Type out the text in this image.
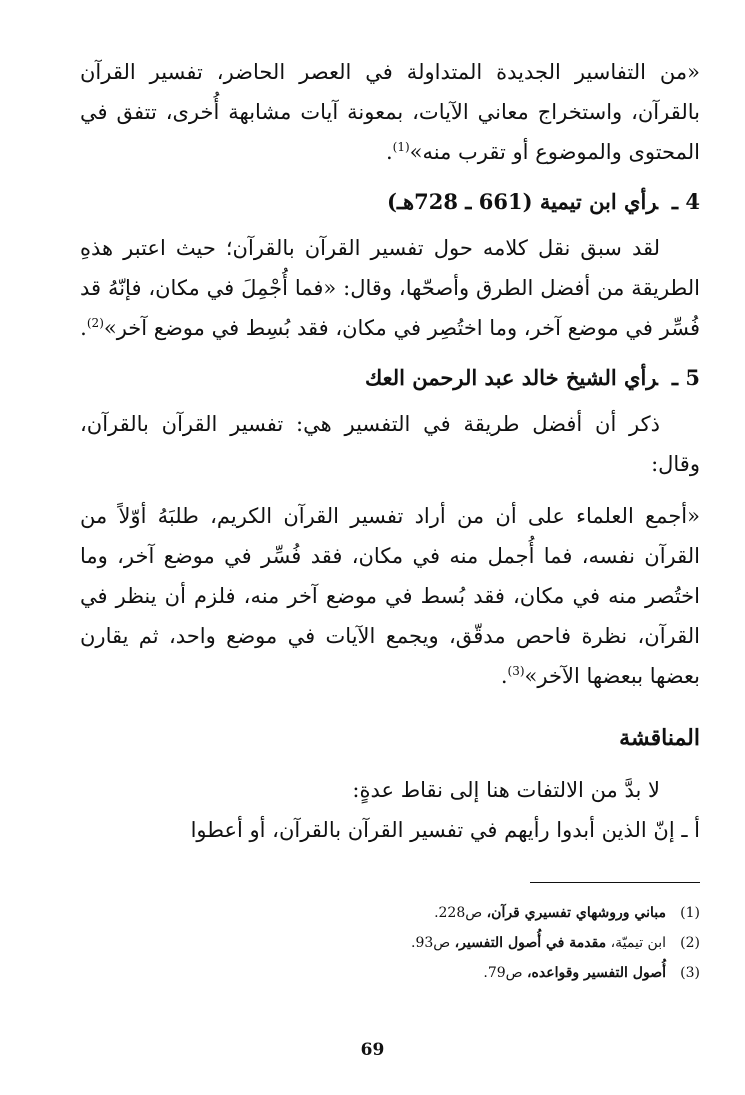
«من التفاسير الجديدة المتداولة في العصر الحاضر، تفسير القرآن بالقرآن، واستخراج معاني الآيات، بمعونة آيات مشابهة أُخرى، تتفق في المحتوى والموضوع أو تقرب منه»$^{(1)}$.

4 ـرأي ابن تيمية (661 ـ 728هـ)

لقد سبق نقل كلامه حول تفسير القرآن بالقرآن؛ حيث اعتبر هذهِ الطريقة من أفضل الطرق وأصحّها، وقال: «فما أُجْمِلَ في مكان، فإنّهُ قد فُسِّر في موضع آخر، وما اختُصِر في مكان، فقد بُسِط في موضع آخر»$^{(2)}$.

5 ـرأي الشيخ خالد عبد الرحمن العك

ذكر أن أفضل طريقة في التفسير هي: تفسير القرآن بالقرآن، وقال:

«أجمع العلماء على أن من أراد تفسير القرآن الكريم، طلبَهُ أوّلاً من القرآن نفسه، فما أُجمل منه في مكان، فقد فُسِّر في موضع آخر، وما اختُصر منه في مكان، فقد بُسط في موضع آخر منه، فلزم أن ينظر في القرآن، نظرة فاحص مدقّق، ويجمع الآيات في موضع واحد، ثم يقارن بعضها ببعضها الآخر»$^{(3)}$.

المناقشة

لا بدَّ من الالتفات هنا إلى نقاط عدةٍ:

أ ـ إنّ الذين أبدوا رأيهم في تفسير القرآن بالقرآن، أو أعطوا

(1)مباني وروشهاي تفسيري قرآن، ص228.
(2)ابن تيميّة، مقدمة في أُصول التفسير، ص93.
(3)أُصول التفسير وقواعده، ص79.
69
